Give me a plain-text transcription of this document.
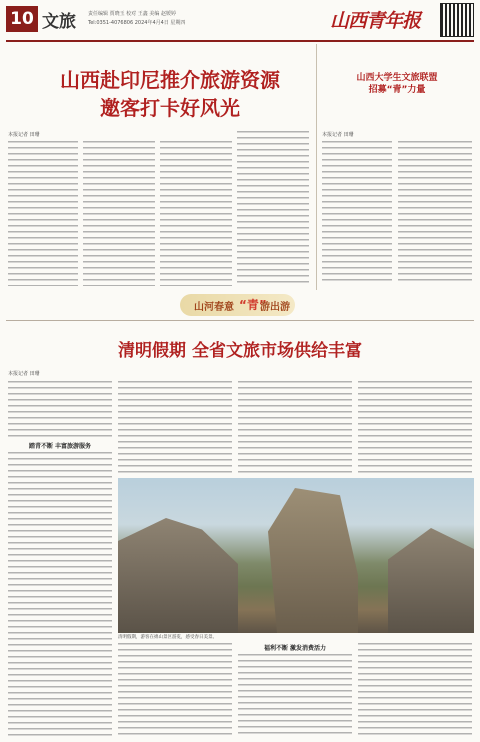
10 文旅 责任编辑 贾晓玉 校对 王鑫 美编 赵媛婷
Tel:0351-4076806 2024年4月4日 星期四	山西青年报
山西赴印尼推介旅游资源
邀客打卡好风光
本报记者 田珊
山西大学生文旅联盟
招募“青”力量
本报记者 田珊
山河春意 “青”
游出游
清明假期 全省文旅市场供给丰富
本报记者 田珊
踏青不断 丰富旅游服务
清明假期，游客在绵山景区游览，感受春日美景。
福利不断 激发消费活力
